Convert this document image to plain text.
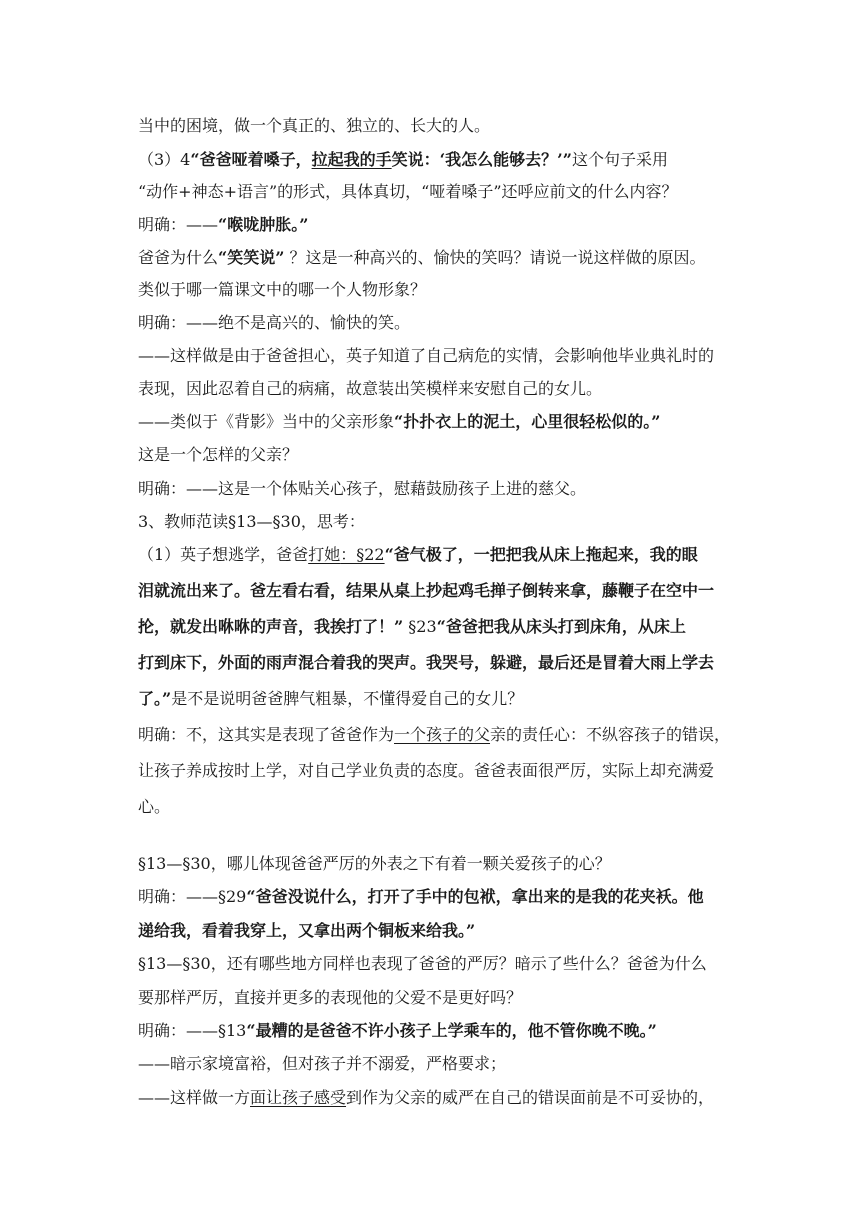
当中的困境，做一个真正的、独立的、长大的人。
（3）4“爸爸哑着嗓子，拉起我的手笑说：‘我怎么能够去？’”这个句子采用
“动作+神态+语言”的形式，具体真切，“哑着嗓子”还呼应前文的什么内容？
明确：——“喉咙肿胀。”
爸爸为什么“笑笑说” ？这是一种高兴的、愉快的笑吗？请说一说这样做的原因。
类似于哪一篇课文中的哪一个人物形象？
明确：——绝不是高兴的、愉快的笑。
——这样做是由于爸爸担心，英子知道了自己病危的实情，会影响他毕业典礼时的
表现，因此忍着自己的病痛，故意装出笑模样来安慰自己的女儿。
——类似于《背影》当中的父亲形象“扑扑衣上的泥土，心里很轻松似的。”
这是一个怎样的父亲？
明确：——这是一个体贴关心孩子，慰藉鼓励孩子上进的慈父。
3、教师范读§13—§30，思考：
（1）英子想逃学，爸爸打她：§22“爸气极了，一把把我从床上拖起来，我的眼
泪就流出来了。爸左看右看，结果从桌上抄起鸡毛掸子倒转来拿，藤鞭子在空中一
抡，就发出咻咻的声音，我挨打了！” §23“爸爸把我从床头打到床角，从床上
打到床下，外面的雨声混合着我的哭声。我哭号，躲避，最后还是冒着大雨上学去
了。”是不是说明爸爸脾气粗暴，不懂得爱自己的女儿？
明确：不，这其实是表现了爸爸作为一个孩子的父亲的责任心：不纵容孩子的错误，
让孩子养成按时上学，对自己学业负责的态度。爸爸表面很严厉，实际上却充满爱
心。
§13—§30，哪儿体现爸爸严厉的外表之下有着一颗关爱孩子的心？
明确：——§29“爸爸没说什么，打开了手中的包袱，拿出来的是我的花夹袄。他
递给我，看着我穿上，又拿出两个铜板来给我。”
§13—§30，还有哪些地方同样也表现了爸爸的严厉？暗示了些什么？爸爸为什么
要那样严厉，直接并更多的表现他的父爱不是更好吗？
明确：——§13“最糟的是爸爸不许小孩子上学乘车的，他不管你晚不晚。”
——暗示家境富裕，但对孩子并不溺爱，严格要求；
——这样做一方面让孩子感受到作为父亲的威严在自己的错误面前是不可妥协的，
